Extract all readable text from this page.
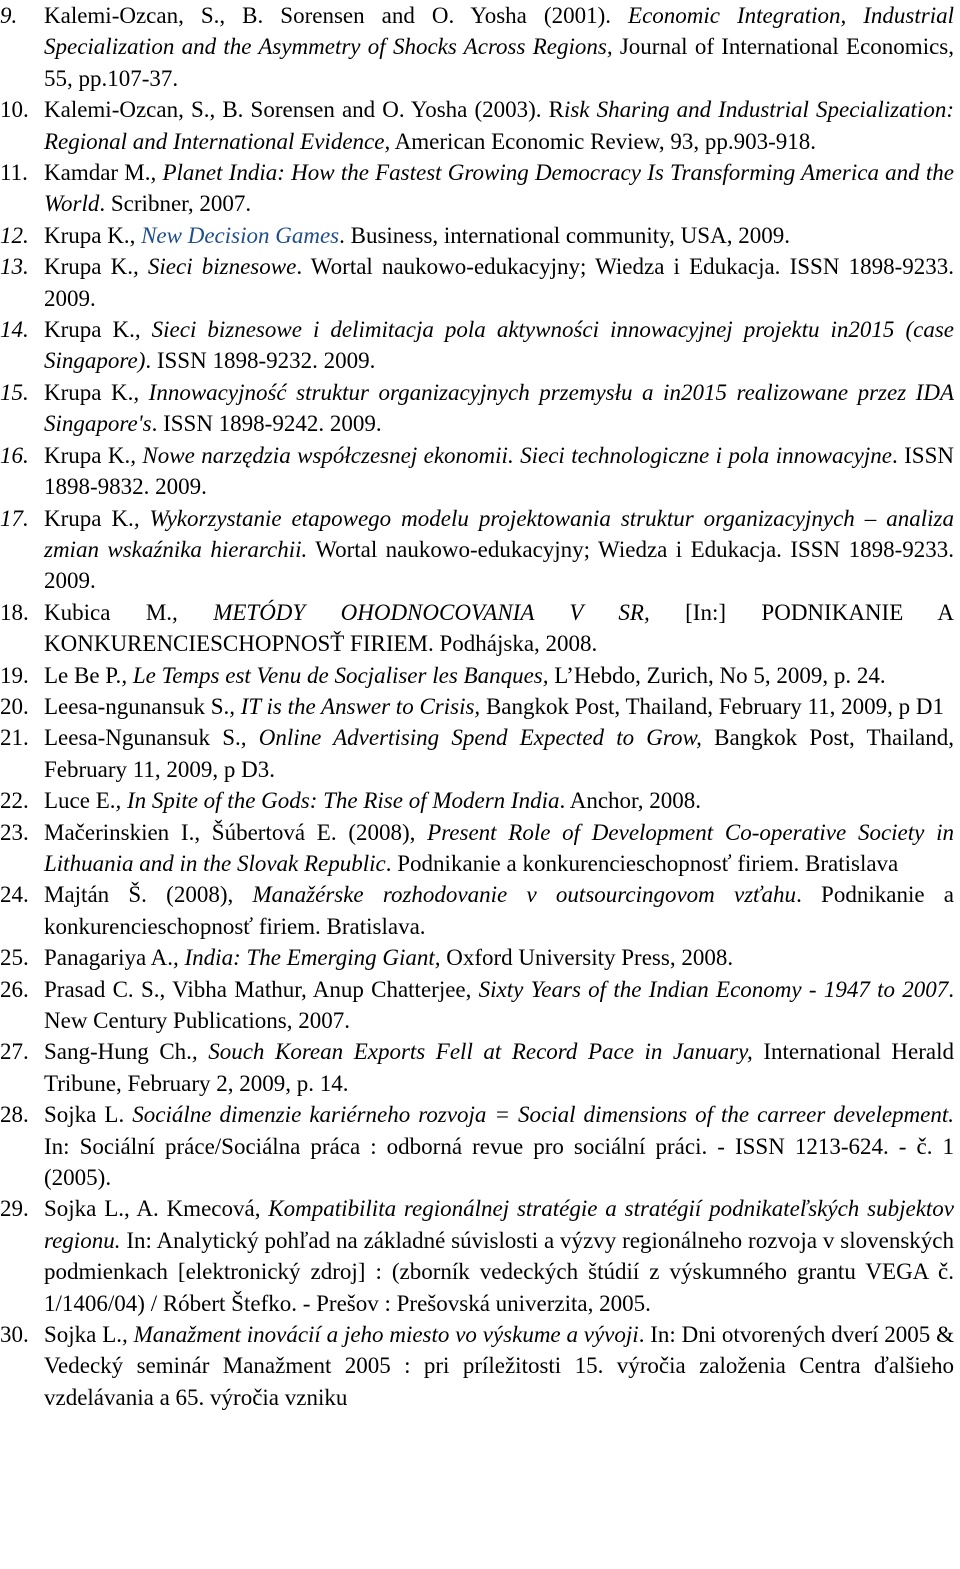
9. Kalemi-Ozcan, S., B. Sorensen and O. Yosha (2001). Economic Integration, Industrial Specialization and the Asymmetry of Shocks Across Regions, Journal of International Economics, 55, pp.107-37.
10. Kalemi-Ozcan, S., B. Sorensen and O. Yosha (2003). Risk Sharing and Industrial Specialization: Regional and International Evidence, American Economic Review, 93, pp.903-918.
11. Kamdar M., Planet India: How the Fastest Growing Democracy Is Transforming America and the World. Scribner, 2007.
12. Krupa K., New Decision Games. Business, international community, USA, 2009.
13. Krupa K., Sieci biznesowe. Wortal naukowo-edukacyjny; Wiedza i Edukacja. ISSN 1898-9233. 2009.
14. Krupa K., Sieci biznesowe i delimitacja pola aktywności innowacyjnej projektu in2015 (case Singapore). ISSN 1898-9232. 2009.
15. Krupa K., Innowacyjność struktur organizacyjnych przemysłu a in2015 realizowane przez IDA Singapore's. ISSN 1898-9242. 2009.
16. Krupa K., Nowe narzędzia współczesnej ekonomii. Sieci technologiczne i pola innowacyjne. ISSN 1898-9832. 2009.
17. Krupa K., Wykorzystanie etapowego modelu projektowania struktur organizacyjnych – analiza zmian wskaźnika hierarchii. Wortal naukowo-edukacyjny; Wiedza i Edukacja. ISSN 1898-9233. 2009.
18. Kubica M., METÓDY OHODNOCOVANIA V SR, [In:] PODNIKANIE A KONKURENCIESCHOPNOSŤ FIRIEM. Podhájska, 2008.
19. Le Be P., Le Temps est Venu de Socjaliser les Banques, L’Hebdo, Zurich, No 5, 2009, p. 24.
20. Leesa-ngunansuk S., IT is the Answer to Crisis, Bangkok Post, Thailand, February 11, 2009, p D1
21. Leesa-Ngunansuk S., Online Advertising Spend Expected to Grow, Bangkok Post, Thailand, February 11, 2009, p D3.
22. Luce E., In Spite of the Gods: The Rise of Modern India. Anchor, 2008.
23. Mačerinskien I., Šúbertová E. (2008), Present Role of Development Co-operative Society in Lithuania and in the Slovak Republic. Podnikanie a konkurencieschopnosť firiem. Bratislava
24. Majtán Š. (2008), Manažérske rozhodovanie v outsourcingovom vzťahu. Podnikanie a konkurencieschopnosť firiem. Bratislava.
25. Panagariya A., India: The Emerging Giant, Oxford University Press, 2008.
26. Prasad C. S., Vibha Mathur, Anup Chatterjee, Sixty Years of the Indian Economy - 1947 to 2007. New Century Publications, 2007.
27. Sang-Hung Ch., Souch Korean Exports Fell at Record Pace in January, International Herald Tribune, February 2, 2009, p. 14.
28. Sojka L. Sociálne dimenzie kariérneho rozvoja = Social dimensions of the carreer develepment. In: Sociální práce/Sociálna práca : odborná revue pro sociální práci. - ISSN 1213-624. - č. 1 (2005).
29. Sojka L., A. Kmecová, Kompatibilita regionálnej stratégie a stratégií podnikateľských subjektov regionu. In: Analytický pohľad na základné súvislosti a výzvy regionálneho rozvoja v slovenských podmienkach [elektronický zdroj] : (zborník vedeckých štúdií z výskumného grantu VEGA č. 1/1406/04) / Róbert Štefko. - Prešov : Prešovská univerzita, 2005.
30. Sojka L., Manažment inovácií a jeho miesto vo výskume a vývoji. In: Dni otvorených dverí 2005 & Vedecký seminár Manažment 2005 : pri príležitosti 15. výročia založenia Centra ďalšieho vzdelávania a 65. výročia vzniku
